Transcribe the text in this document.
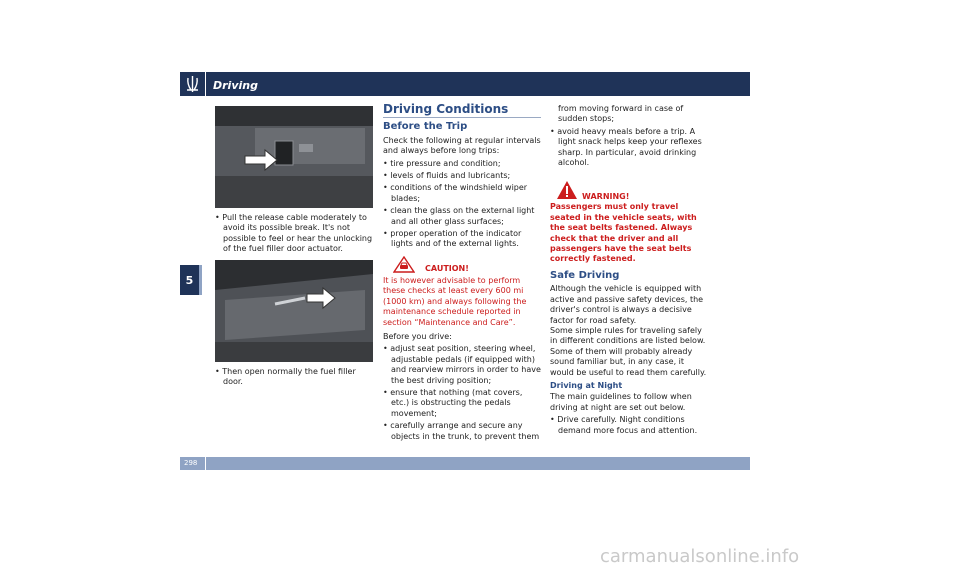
Driving
5

• Pull the release cable moderately to avoid its possible break. It's not possible to feel or hear the unlocking of the fuel filler door actuator.

• Then open normally the fuel filler door.

Driving Conditions
Before the Trip

Check the following at regular intervals and always before long trips:

• tire pressure and condition;

• levels of fluids and lubricants;

• conditions of the windshield wiper blades;

• clean the glass on the external light and all other glass surfaces;

• proper operation of the indicator lights and of the external lights.

CAUTION!

It is however advisable to perform these checks at least every 600 mi (1000 km) and always following the maintenance schedule reported in section “Maintenance and Care”.

Before you drive:

• adjust seat position, steering wheel, adjustable pedals (if equipped with) and rearview mirrors in order to have the best driving position;

• ensure that nothing (mat covers, etc.) is obstructing the pedals movement;

• carefully arrange and secure any objects in the trunk, to prevent them

from moving forward in case of sudden stops;

• avoid heavy meals before a trip. A light snack helps keep your reflexes sharp. In particular, avoid drinking alcohol.

WARNING!

Passengers must only travel seated in the vehicle seats, with the seat belts fastened. Always check that the driver and all passengers have the seat belts correctly fastened.

Safe Driving

Although the vehicle is equipped with active and passive safety devices, the driver's control is always a decisive factor for road safety.

Some simple rules for traveling safely in different conditions are listed below. Some of them will probably already sound familiar but, in any case, it would be useful to read them carefully.

Driving at Night

The main guidelines to follow when driving at night are set out below.

• Drive carefully. Night conditions demand more focus and attention.

298
carmanualsonline.info
